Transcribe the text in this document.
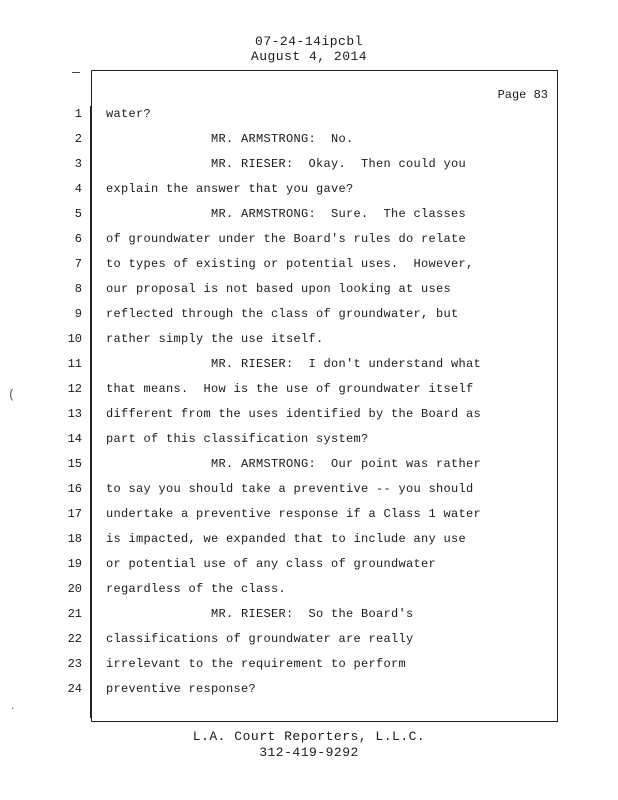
07-24-14ipcbl
August 4, 2014
Page 83
1 water?
2 MR. ARMSTRONG:  No.
3 MR. RIESER:  Okay.  Then could you
4 explain the answer that you gave?
5 MR. ARMSTRONG:  Sure.  The classes
6 of groundwater under the Board's rules do relate
7 to types of existing or potential uses.  However,
8 our proposal is not based upon looking at uses
9 reflected through the class of groundwater, but
10 rather simply the use itself.
11 MR. RIESER:  I don't understand what
12 that means.  How is the use of groundwater itself
13 different from the uses identified by the Board as
14 part of this classification system?
15 MR. ARMSTRONG:  Our point was rather
16 to say you should take a preventive -- you should
17 undertake a preventive response if a Class 1 water
18 is impacted, we expanded that to include any use
19 or potential use of any class of groundwater
20 regardless of the class.
21 MR. RIESER:  So the Board's
22 classifications of groundwater are really
23 irrelevant to the requirement to perform
24 preventive response?
(
.
L.A. Court Reporters, L.L.C.
312-419-9292
